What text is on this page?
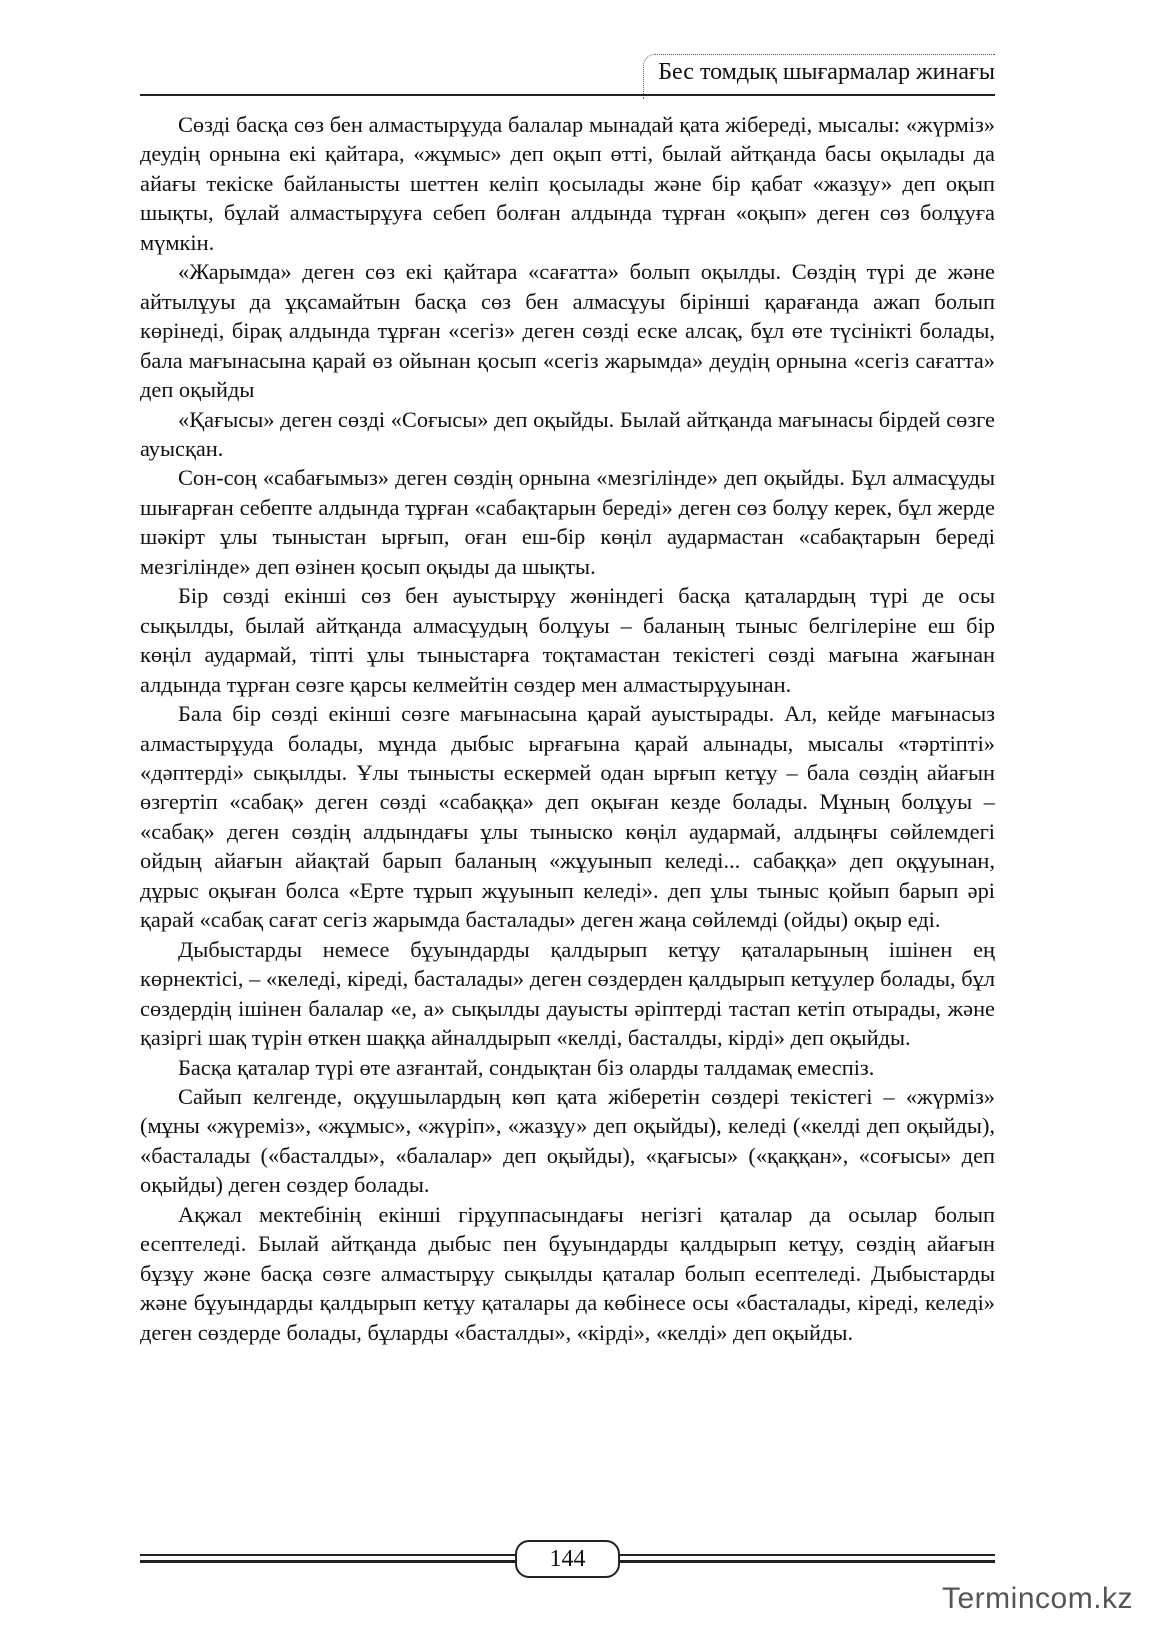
Бес томдық шығармалар жинағы

Сөзді басқа сөз бен алмастырұуда балалар мынадай қата жібереді, мысалы: «жүрміз» деудің орнына екі қайтара, «жұмыс» деп оқып өтті, былай айтқанда басы оқылады да айағы текіске байланысты шеттен келіп қосылады және бір қабат «жазұу» деп оқып шықты, бұлай алмастырұуға себеп болған алдында тұрған «оқып» деген сөз болұуға мүмкін.

«Жарымда» деген сөз екі қайтара «сағатта» болып оқылды. Сөздің түрі де және айтылұуы да ұқсамайтын басқа сөз бен алмасұуы бірінші қарағанда ажап болып көрінеді, бірақ алдында тұрған «сегіз» деген сөзді еске алсақ, бұл өте түсінікті болады, бала мағынасына қарай өз ойынан қосып «сегіз жарымда» деудің орнына «сегіз сағатта» деп оқыйды

«Қағысы» деген сөзді «Соғысы» деп оқыйды. Былай айтқанда мағынасы бірдей сөзге ауысқан.

Сон-соң «сабағымыз» деген сөздің орнына «мезгілінде» деп оқыйды. Бұл алмасұуды шығарған себепте алдында тұрған «сабақтарын береді» деген сөз болұу керек, бұл жерде шәкірт ұлы тыныстан ырғып, оған еш-бір көңіл аудармастан «сабақтарын береді мезгілінде» деп өзінен қосып оқыды да шықты.

Бір сөзді екінші сөз бен ауыстырұу жөніндегі басқа қаталардың түрі де осы сықылды, былай айтқанда алмасұудың болұуы – баланың тыныс белгілеріне еш бір көңіл аудармай, тіпті ұлы тыныстарға тоқтамастан текістегі сөзді мағына жағынан алдында тұрған сөзге қарсы келмейтін сөздер мен алмастырұуынан.

Бала бір сөзді екінші сөзге мағынасына қарай ауыстырады. Ал, кейде мағынасыз алмастырұуда болады, мұнда дыбыс ырғағына қарай алынады, мысалы «тәртіпті» «дәптерді» сықылды. Ұлы тынысты ескермей одан ырғып кетұу – бала сөздің айағын өзгертіп «сабақ» деген сөзді «сабаққа» деп оқыған кезде болады. Мұның болұуы – «сабақ» деген сөздің алдындағы ұлы тыныско көңіл аудармай, алдыңғы сөйлемдегі ойдың айағын айақтай барып баланың «жұуынып келеді... сабаққа» деп оқұуынан, дұрыс оқыған болса «Ерте тұрып жұуынып келеді». деп ұлы тыныс қойып барып әрі қарай «сабақ сағат сегіз жарымда басталады» деген жаңа сөйлемді (ойды) оқыр еді.

Дыбыстарды немесе бұуындарды қалдырып кетұу қаталарының ішінен ең көрнектісі, – «келеді, кіреді, басталады» деген сөздерден қалдырып кетұулер болады, бұл сөздердің ішінен балалар «е, а» сықылды дауысты әріптерді тастап кетіп отырады, және қазіргі шақ түрін өткен шаққа айналдырып «келді, басталды, кірді» деп оқыйды.

Басқа қаталар түрі өте азғантай, сондықтан біз оларды талдамақ емеспіз.

Сайып келгенде, оқұушылардың көп қата жіберетін сөздері текістегі – «жүрміз» (мұны «жүреміз», «жұмыс», «жүріп», «жазұу» деп оқыйды), келеді («келді деп оқыйды), «басталады («басталды», «балалар» деп оқыйды), «қағысы» («қаққан», «соғысы» деп оқыйды) деген сөздер болады.

Ақжал мектебінің екінші гірұуппасындағы негізгі қаталар да осылар болып есептеледі. Былай айтқанда дыбыс пен бұуындарды қалдырып кетұу, сөздің айағын бұзұу және басқа сөзге алмастырұу сықылды қаталар болып есептеледі. Дыбыстарды және бұуындарды қалдырып кетұу қаталары да көбінесе осы «басталады, кіреді, келеді» деген сөздерде болады, бұларды «басталды», «кірді», «келді» деп оқыйды.

144
Termincom.kz
